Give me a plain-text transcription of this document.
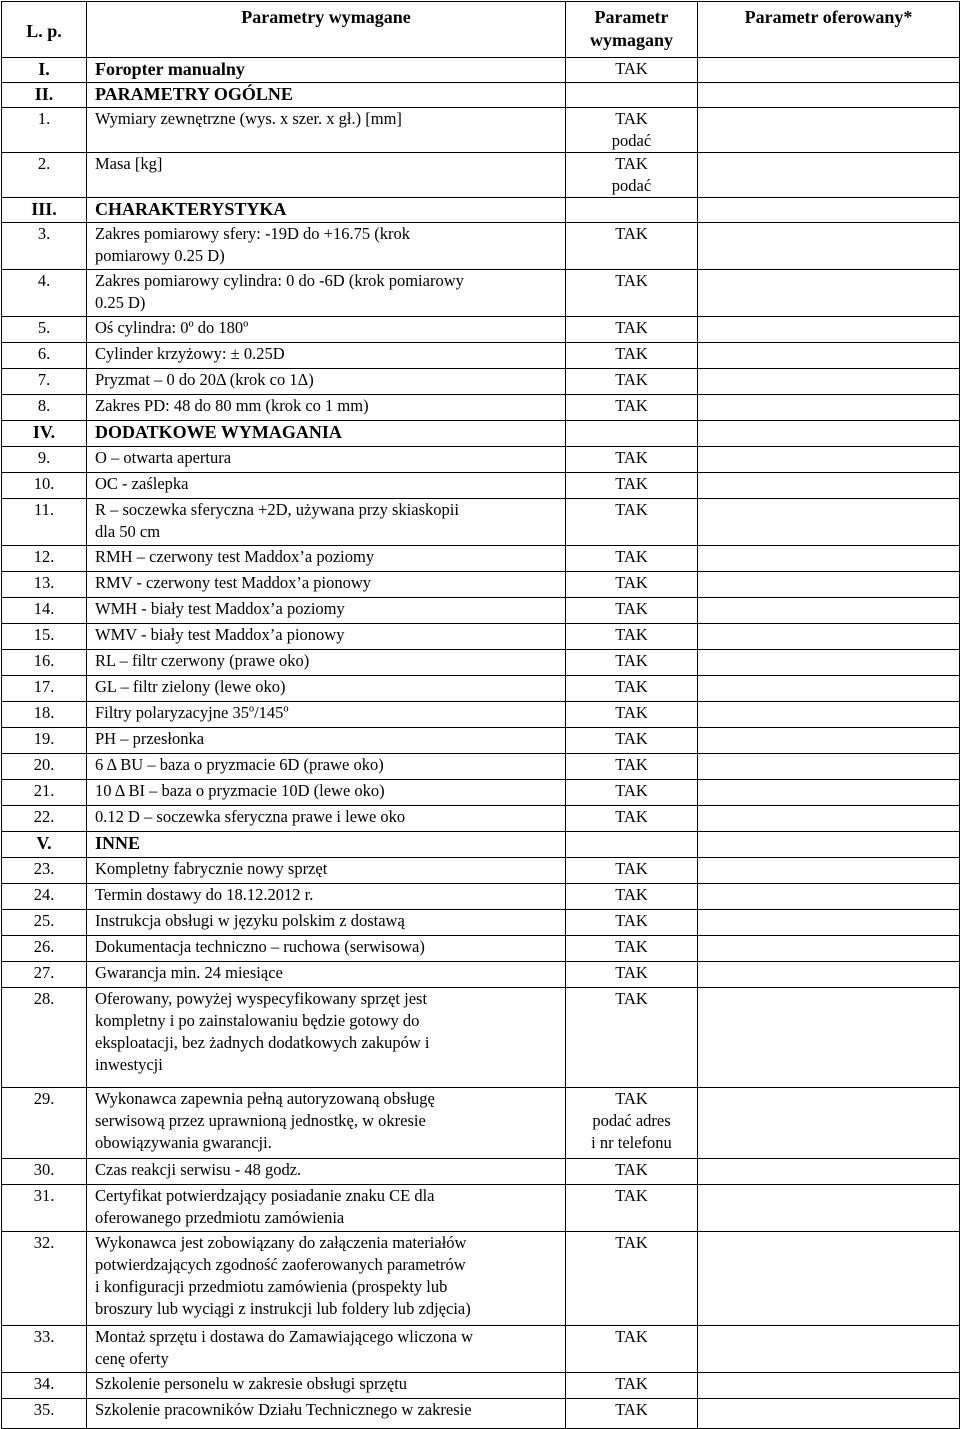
L. p.	Parametry wymagane	Parametr wymagany	Parametr oferowany*
I.	Foropter manualny	TAK	
II.	PARAMETRY OGÓLNE		
1.	Wymiary zewnętrzne (wys. x szer. x gł.) [mm]	TAK
podać	
2.	Masa [kg]	TAK
podać	
III.	CHARAKTERYSTYKA		
3.	Zakres pomiarowy sfery: -19D do +16.75 (krok
pomiarowy 0.25 D)	TAK	
4.	Zakres pomiarowy cylindra: 0 do -6D (krok pomiarowy
0.25 D)	TAK	
5.	Oś cylindra: 0º do 180º	TAK	
6.	Cylinder krzyżowy: ± 0.25D	TAK	
7.	Pryzmat – 0 do 20Δ (krok co 1Δ)	TAK	
8.	Zakres PD: 48 do 80 mm (krok co 1 mm)	TAK	
IV.	DODATKOWE WYMAGANIA		
9.	O – otwarta apertura	TAK	
10.	OC - zaślepka	TAK	
11.	R – soczewka sferyczna +2D, używana przy skiaskopii
dla 50 cm	TAK	
12.	RMH – czerwony test Maddox’a poziomy	TAK	
13.	RMV - czerwony test Maddox’a pionowy	TAK	
14.	WMH - biały test Maddox’a poziomy	TAK	
15.	WMV - biały test Maddox’a pionowy	TAK	
16.	RL – filtr czerwony (prawe oko)	TAK	
17.	GL – filtr zielony (lewe oko)	TAK	
18.	Filtry polaryzacyjne 35º/145º	TAK	
19.	PH – przesłonka	TAK	
20.	6 Δ BU – baza o pryzmacie 6D (prawe oko)	TAK	
21.	10 Δ BI – baza o pryzmacie 10D (lewe oko)	TAK	
22.	0.12 D – soczewka sferyczna prawe i lewe oko	TAK	
V.	INNE		
23.	Kompletny fabrycznie nowy sprzęt	TAK	
24.	Termin dostawy do 18.12.2012 r.	TAK	
25.	Instrukcja obsługi w języku polskim z dostawą	TAK	
26.	Dokumentacja techniczno – ruchowa (serwisowa)	TAK	
27.	Gwarancja min. 24 miesiące	TAK	
28.	Oferowany, powyżej wyspecyfikowany sprzęt jest
kompletny i po zainstalowaniu będzie gotowy do
eksploatacji, bez żadnych dodatkowych zakupów i
inwestycji	TAK	
29.	Wykonawca zapewnia pełną autoryzowaną obsługę
serwisową przez uprawnioną jednostkę, w okresie
obowiązywania gwarancji.	TAK
podać adres
i nr telefonu	
30.	Czas reakcji serwisu - 48 godz.	TAK	
31.	Certyfikat potwierdzający posiadanie znaku CE dla
oferowanego przedmiotu zamówienia	TAK	
32.	Wykonawca jest zobowiązany do załączenia materiałów
potwierdzających zgodność zaoferowanych parametrów
i konfiguracji przedmiotu zamówienia (prospekty lub
broszury lub wyciągi z instrukcji lub foldery lub zdjęcia)	TAK	
33.	Montaż sprzętu i dostawa do Zamawiającego wliczona w
cenę oferty	TAK	
34.	Szkolenie personelu w zakresie obsługi sprzętu	TAK	
35.	Szkolenie pracowników Działu Technicznego w zakresie	TAK	
